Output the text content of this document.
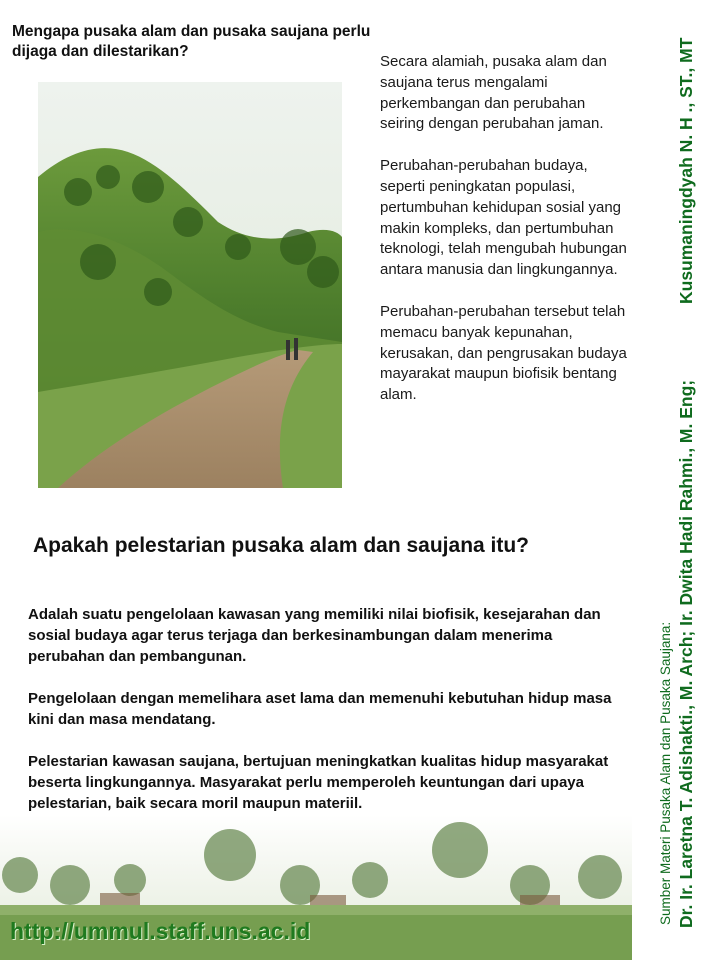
Mengapa pusaka alam dan pusaka saujana perlu dijaga dan dilestarikan?

Secara alamiah, pusaka alam dan saujana terus mengalami perkembangan dan perubahan seiring dengan perubahan jaman.

Perubahan-perubahan budaya, seperti peningkatan populasi, pertumbuhan kehidupan sosial yang makin kompleks, dan pertumbuhan teknologi, telah mengubah hubungan antara manusia dan lingkungannya.

Perubahan-perubahan tersebut telah memacu banyak kepunahan,
kerusakan, dan pengrusakan budaya mayarakat maupun biofisik bentang alam.

Apakah pelestarian pusaka alam dan saujana itu?

Adalah suatu pengelolaan kawasan yang memiliki nilai biofisik, kesejarahan dan sosial budaya agar terus terjaga dan berkesinambungan dalam menerima perubahan dan pembangunan.

Pengelolaan dengan memelihara aset lama dan memenuhi kebutuhan hidup masa kini dan masa mendatang.

Pelestarian kawasan saujana, bertujuan meningkatkan kualitas hidup masyarakat beserta lingkungannya. Masyarakat perlu memperoleh keuntungan dari upaya pelestarian, baik secara moril maupun materiil.

http://ummul.staff.uns.ac.id
Sumber Materi Pusaka Alam dan Pusaka Saujana: Dr. Ir. Laretna T. Adishakti., M. Arch; Ir. Dwita Hadi Rahmi., M. Eng;
Kusumaningdyah N. H ., ST., MT
